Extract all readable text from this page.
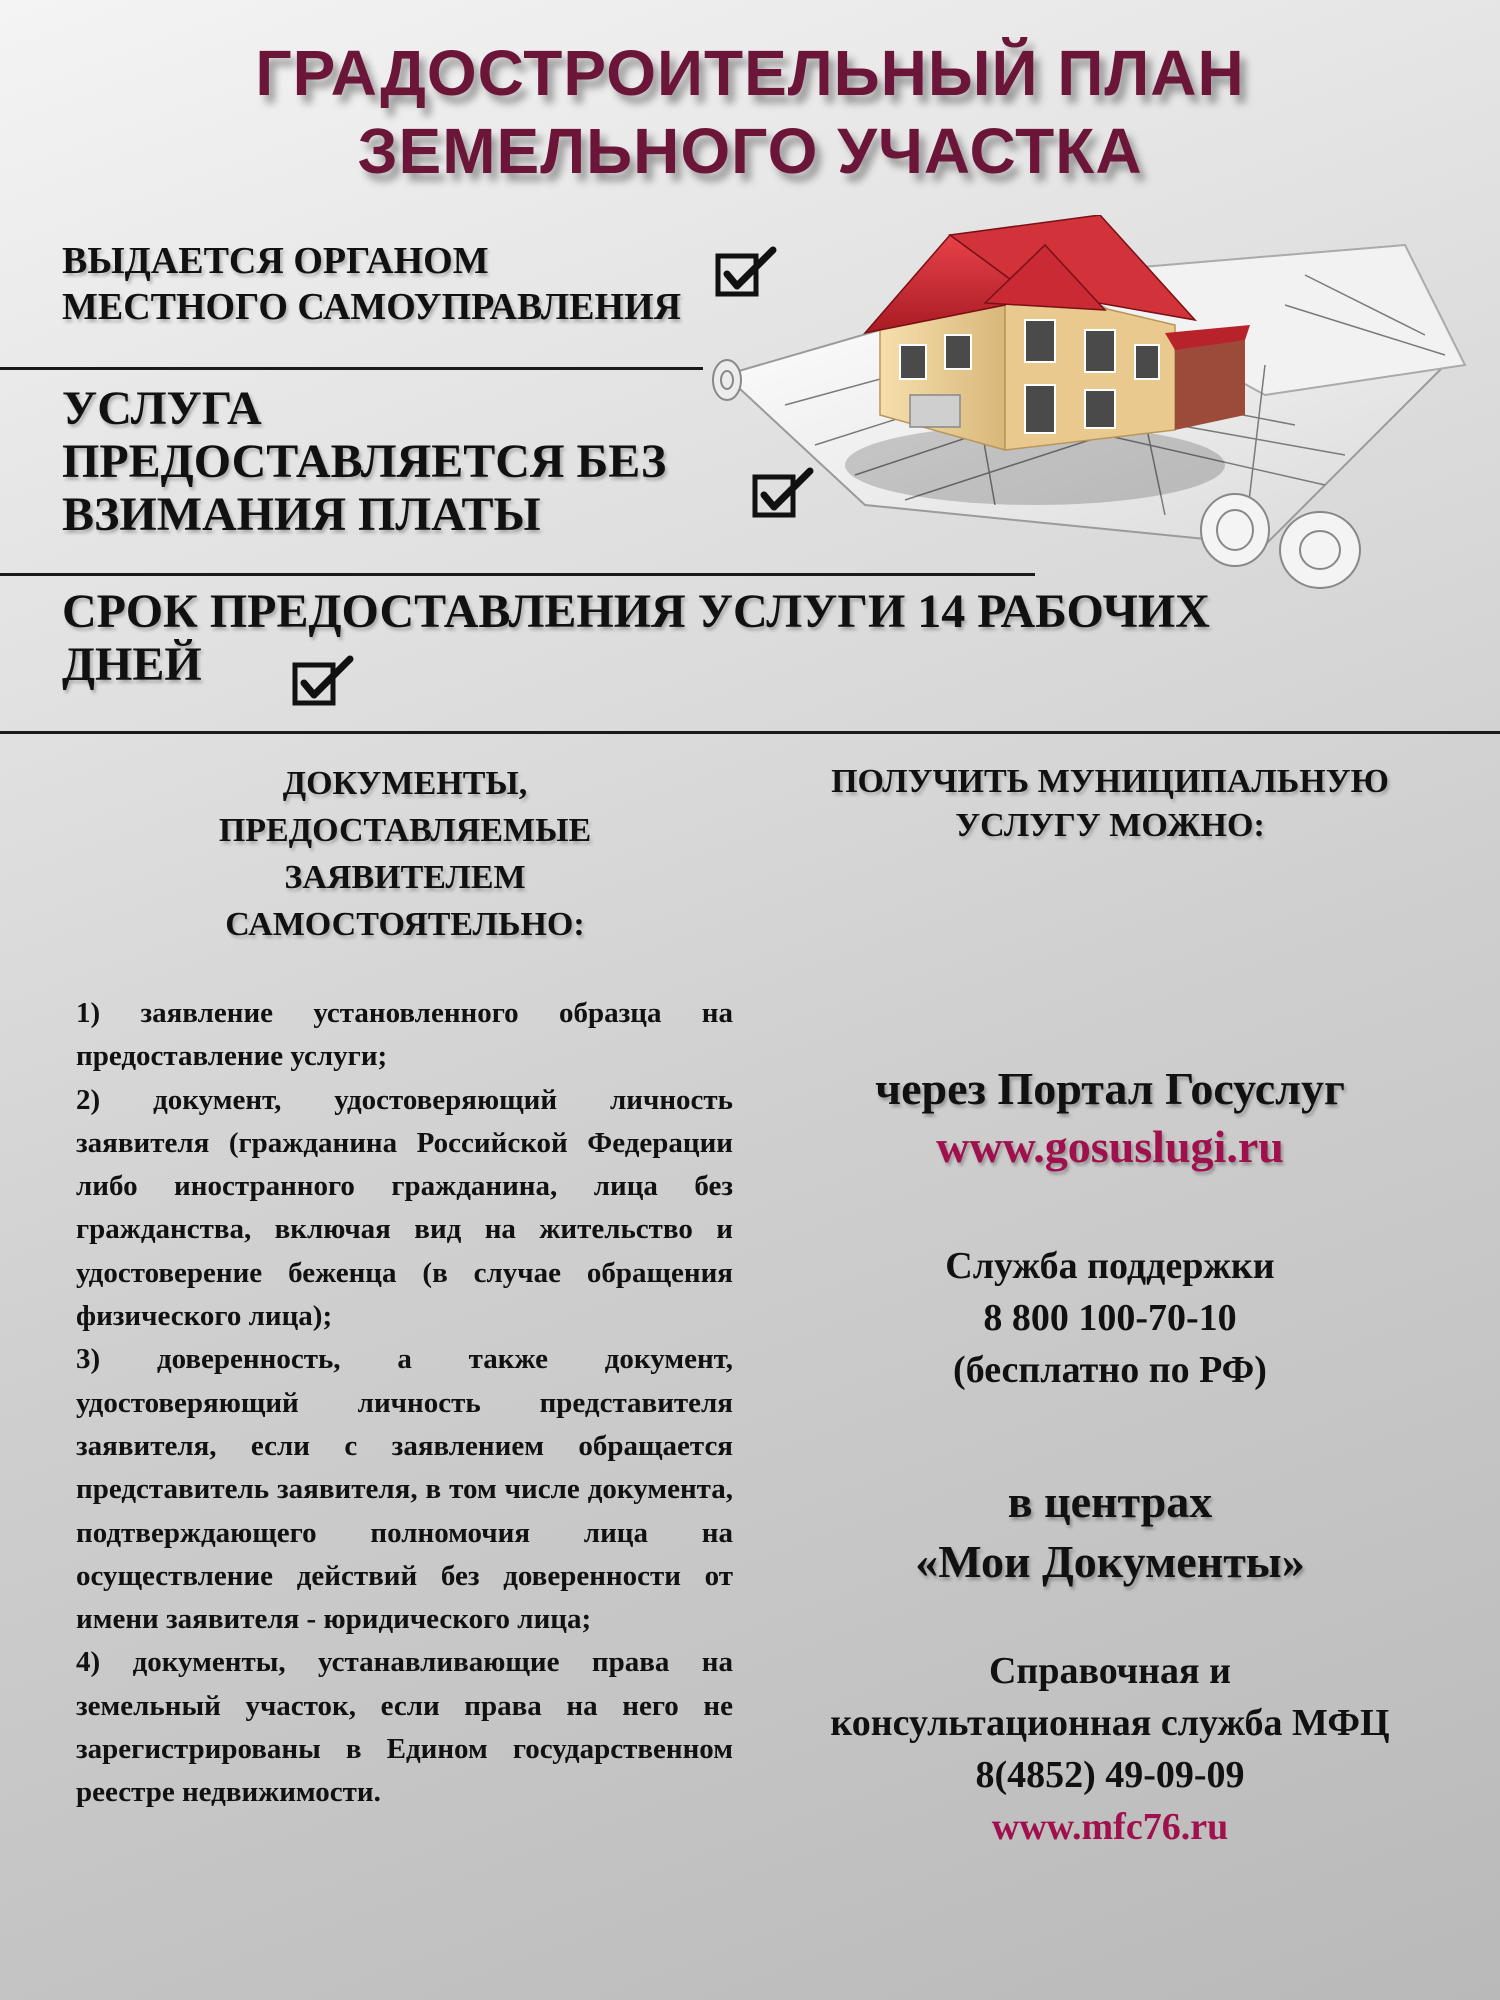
ГРАДОСТРОИТЕЛЬНЫЙ ПЛАН
ЗЕМЕЛЬНОГО УЧАСТКА
ВЫДАЕТСЯ ОРГАНОМ
МЕСТНОГО САМОУПРАВЛЕНИЯ
УСЛУГА
ПРЕДОСТАВЛЯЕТСЯ БЕЗ
ВЗИМАНИЯ ПЛАТЫ
СРОК ПРЕДОСТАВЛЕНИЯ УСЛУГИ 14 РАБОЧИХ
ДНЕЙ
ДОКУМЕНТЫ,
ПРЕДОСТАВЛЯЕМЫЕ
ЗАЯВИТЕЛЕМ
САМОСТОЯТЕЛЬНО:

1) заявление установленного образца на предоставление услуги;

2) документ, удостоверяющий личность заявителя (гражданина Российской Федерации либо иностранного гражданина, лица без гражданства, включая вид на жительство и удостоверение беженца (в случае обращения физического лица);

3) доверенность, а также документ, удостоверяющий личность представителя заявителя, если с заявлением обращается представитель заявителя, в том числе документа, подтверждающего полномочия лица на осуществление действий без доверенности от имени заявителя - юридического лица;

4) документы, устанавливающие права на земельный участок, если права на него не зарегистрированы в Едином государственном реестре недвижимости.

ПОЛУЧИТЬ МУНИЦИПАЛЬНУЮ
УСЛУГУ МОЖНО:
через Портал Госуслуг
www.gosuslugi.ru
Служба поддержки
8 800 100-70-10
(бесплатно по РФ)
в центрах
«Мои Документы»
Справочная и
консультационная служба МФЦ
8(4852) 49-09-09
www.mfc76.ru
